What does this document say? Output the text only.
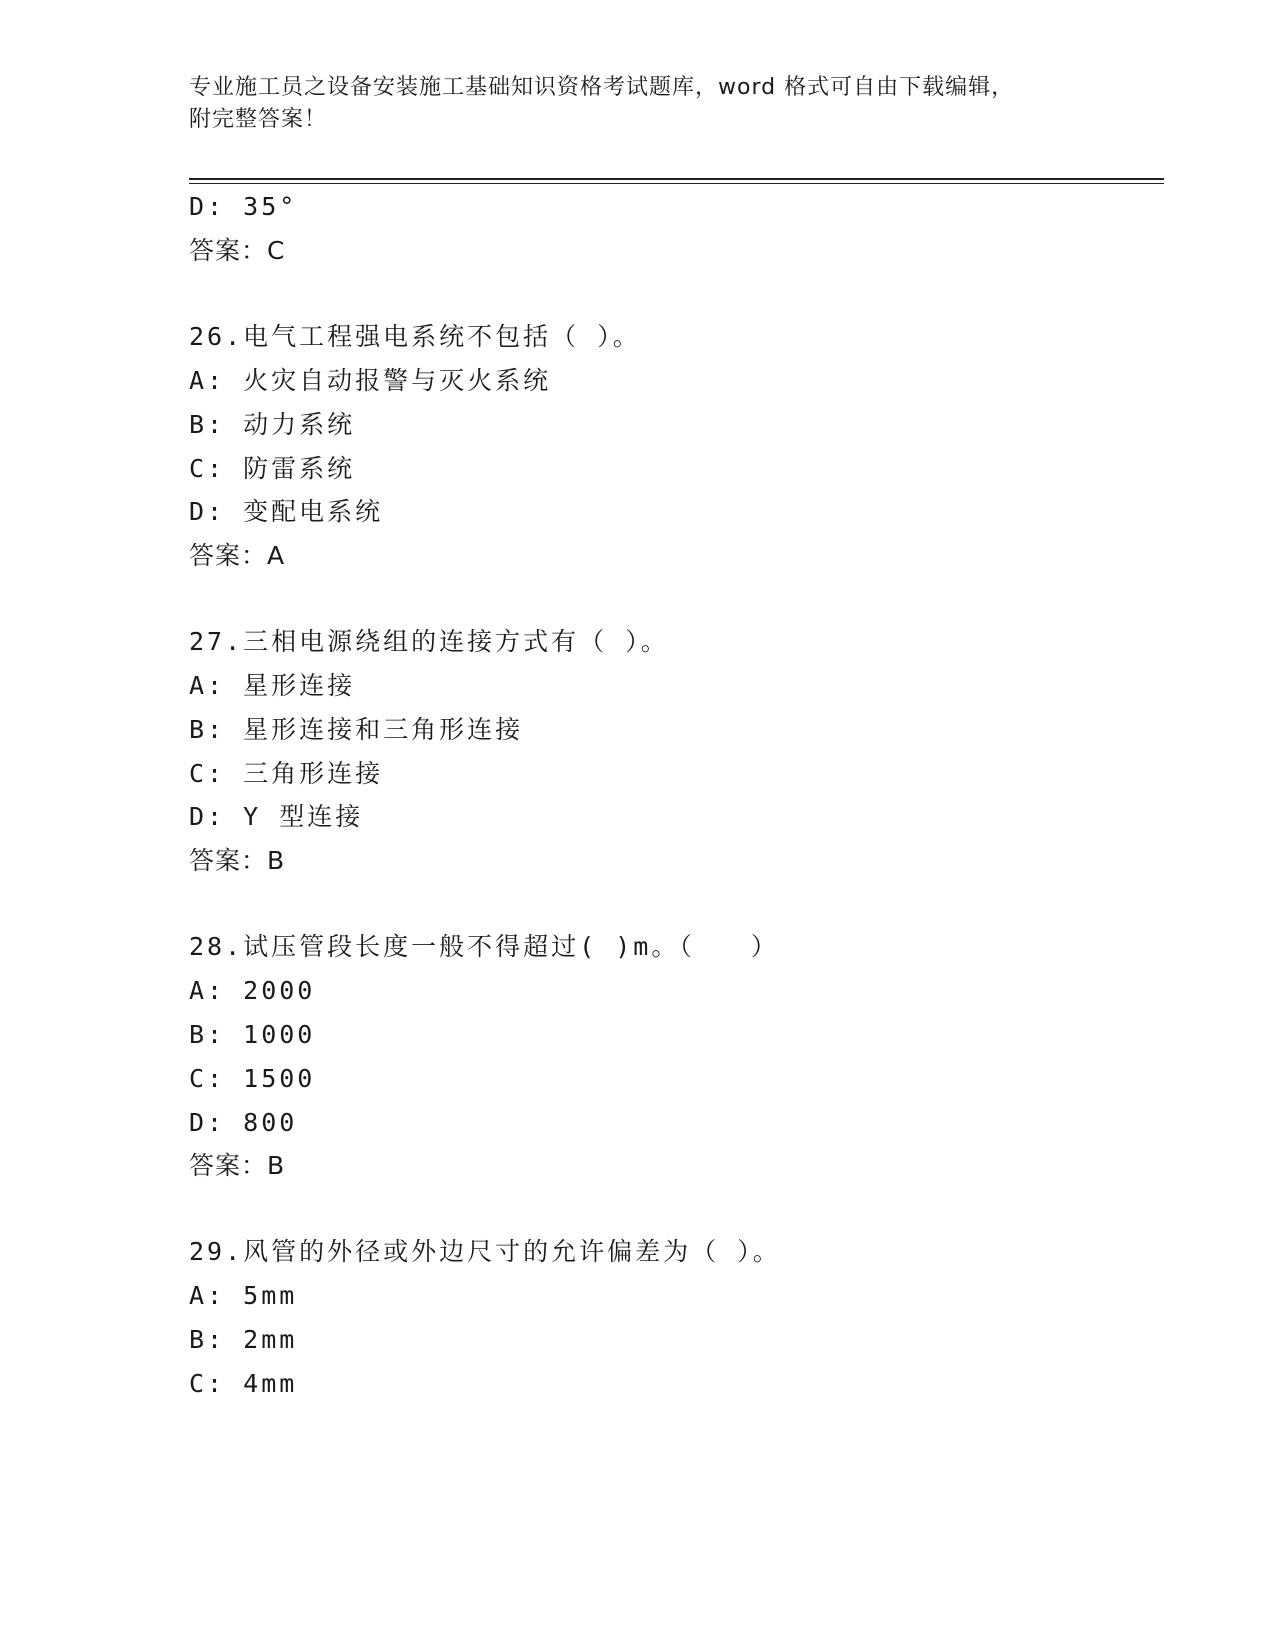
专业施工员之设备安装施工基础知识资格考试题库，word 格式可自由下载编辑，
附完整答案！
D: 35°
答案：C
26.电气工程强电系统不包括（ ）。
A: 火灾自动报警与灭火系统
B: 动力系统
C: 防雷系统
D: 变配电系统
答案：A
27.三相电源绕组的连接方式有（ ）。
A: 星形连接
B: 星形连接和三角形连接
C: 三角形连接
D: Y 型连接
答案：B
28.试压管段长度一般不得超过( )m。（　　）
A: 2000
B: 1000
C: 1500
D: 800
答案：B
29.风管的外径或外边尺寸的允许偏差为（ ）。
A: 5mm
B: 2mm
C: 4mm
